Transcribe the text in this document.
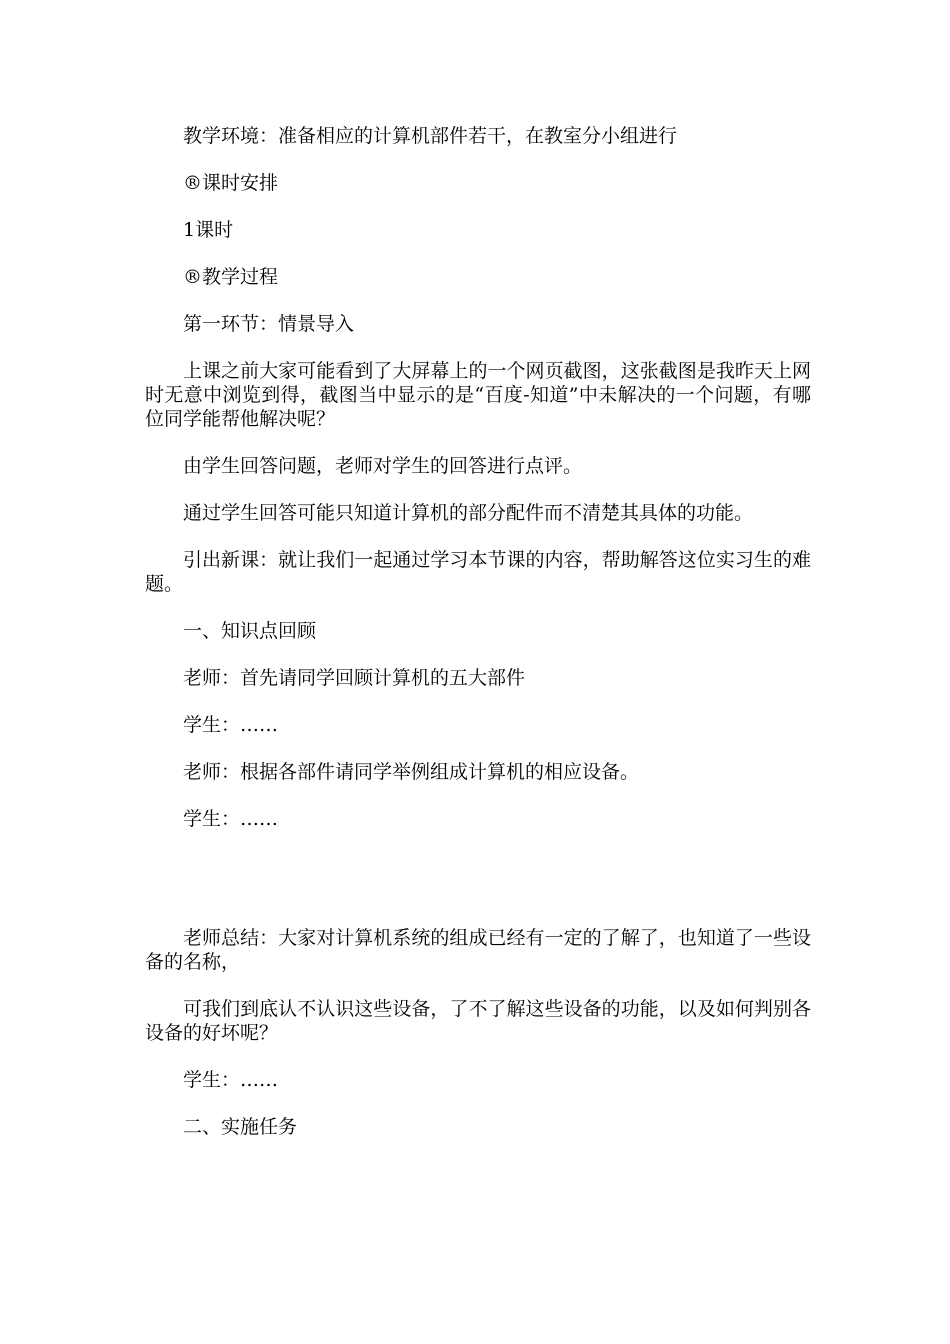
教学环境：准备相应的计算机部件若干，在教室分小组进行

®课时安排

1课时

®教学过程

第一环节：情景导入

上课之前大家可能看到了大屏幕上的一个网页截图，这张截图是我昨天上网时无意中浏览到得，截图当中显示的是“百度-知道”中未解决的一个问题，有哪位同学能帮他解决呢？

由学生回答问题，老师对学生的回答进行点评。

通过学生回答可能只知道计算机的部分配件而不清楚其具体的功能。

引出新课：就让我们一起通过学习本节课的内容，帮助解答这位实习生的难题。

一、知识点回顾

老师：首先请同学回顾计算机的五大部件

学生：……

老师：根据各部件请同学举例组成计算机的相应设备。

学生：……

老师总结：大家对计算机系统的组成已经有一定的了解了，也知道了一些设备的名称，

可我们到底认不认识这些设备，了不了解这些设备的功能，以及如何判别各设备的好坏呢？

学生：……

二、实施任务
